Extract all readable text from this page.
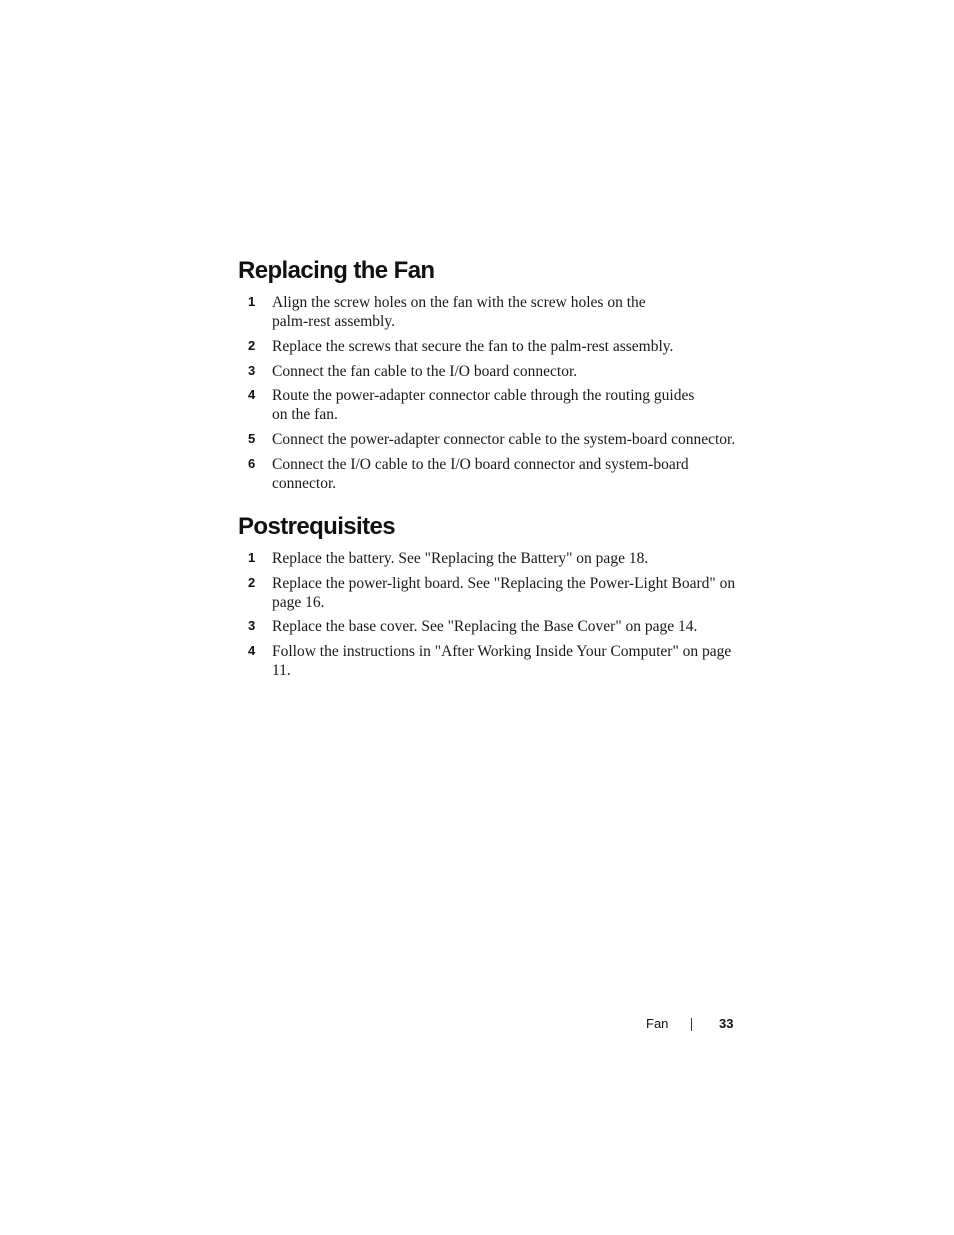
Replacing the Fan
1 Align the screw holes on the fan with the screw holes on the palm-rest assembly.
2 Replace the screws that secure the fan to the palm-rest assembly.
3 Connect the fan cable to the I/O board connector.
4 Route the power-adapter connector cable through the routing guides on the fan.
5 Connect the power-adapter connector cable to the system-board connector.
6 Connect the I/O cable to the I/O board connector and system-board connector.
Postrequisites
1 Replace the battery. See "Replacing the Battery" on page 18.
2 Replace the power-light board. See "Replacing the Power-Light Board" on page 16.
3 Replace the base cover. See "Replacing the Base Cover" on page 14.
4 Follow the instructions in "After Working Inside Your Computer" on page 11.
Fan	33
